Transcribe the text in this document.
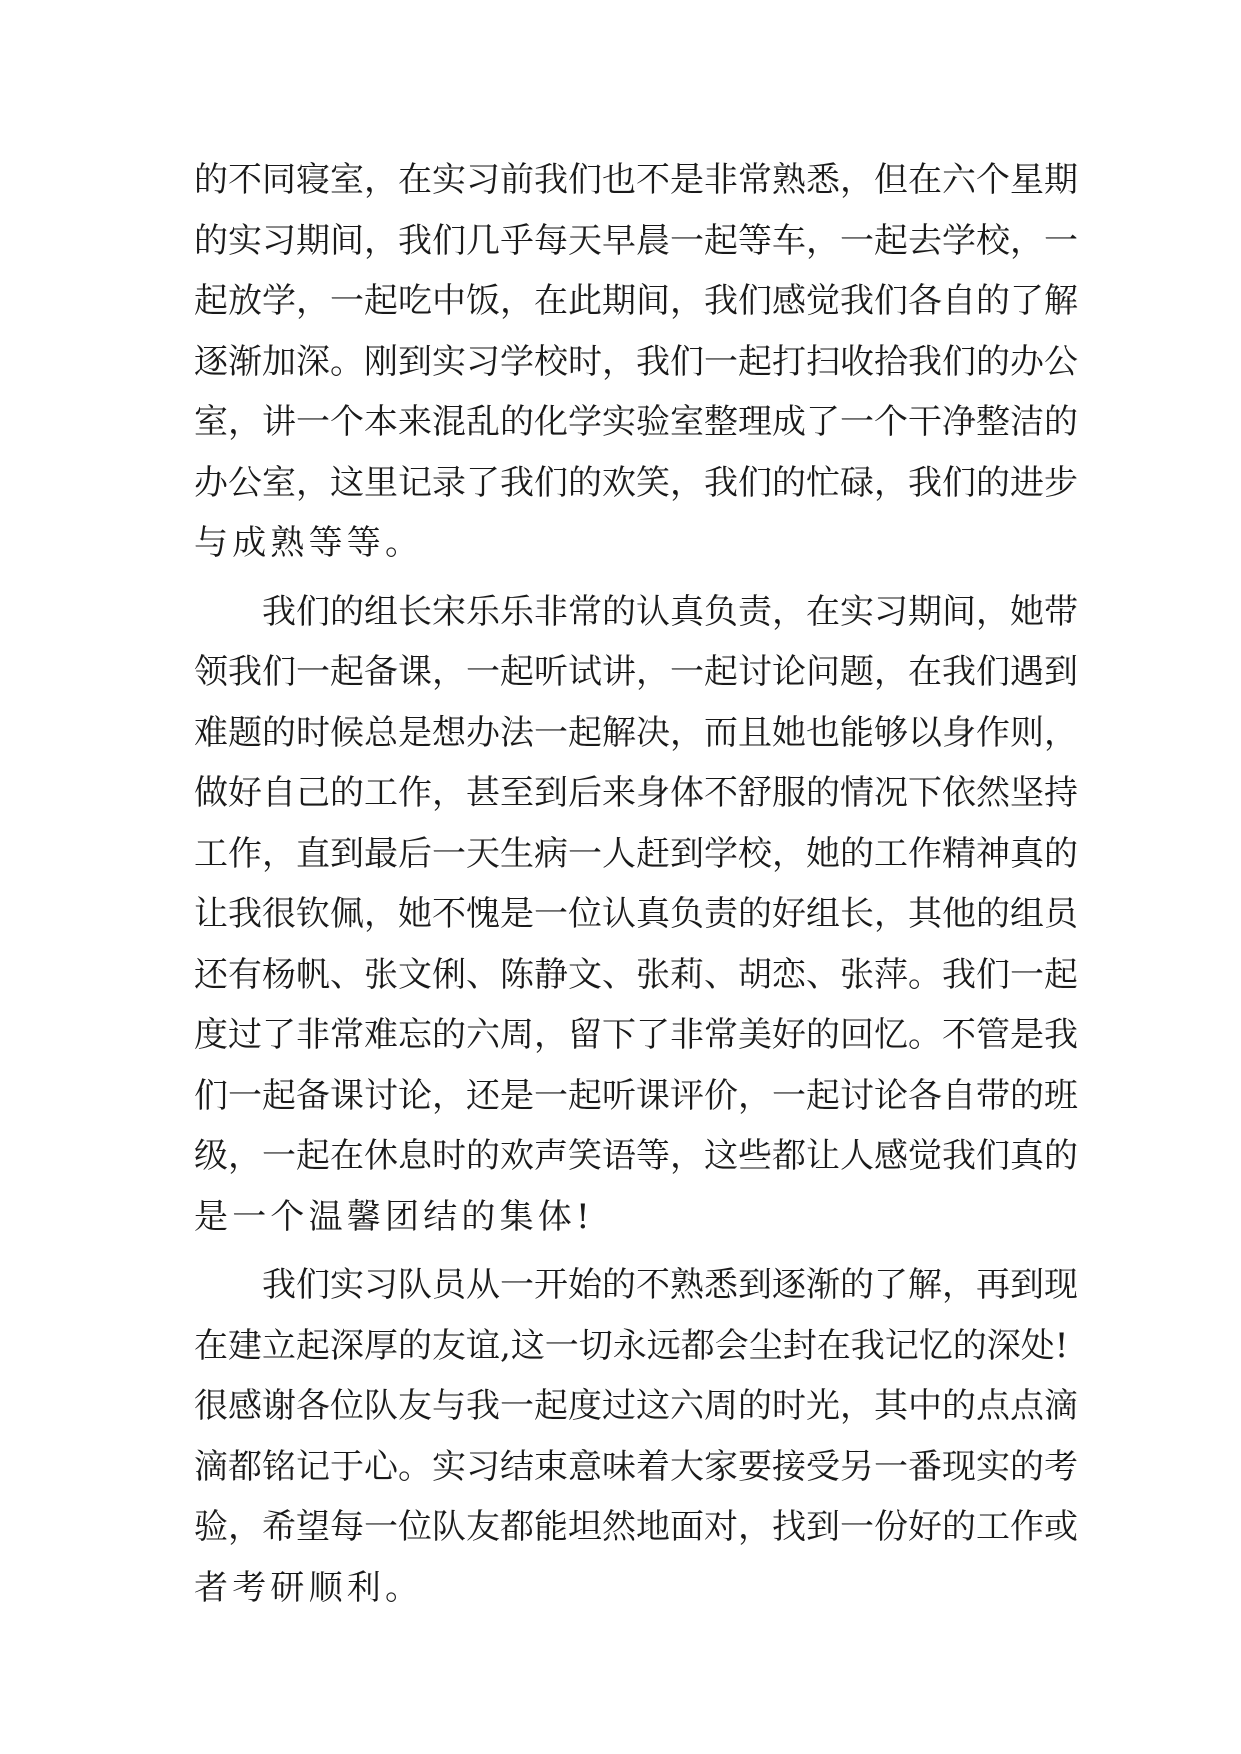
的不同寝室，在实习前我们也不是非常熟悉，但在六个星期
的实习期间，我们几乎每天早晨一起等车，一起去学校，一
起放学，一起吃中饭，在此期间，我们感觉我们各自的了解
逐渐加深。刚到实习学校时，我们一起打扫收拾我们的办公
室，讲一个本来混乱的化学实验室整理成了一个干净整洁的
办公室，这里记录了我们的欢笑，我们的忙碌，我们的进步
与成熟等等。
我们的组长宋乐乐非常的认真负责，在实习期间，她带
领我们一起备课，一起听试讲，一起讨论问题，在我们遇到
难题的时候总是想办法一起解决，而且她也能够以身作则，
做好自己的工作，甚至到后来身体不舒服的情况下依然坚持
工作，直到最后一天生病一人赶到学校，她的工作精神真的
让我很钦佩，她不愧是一位认真负责的好组长，其他的组员
还有杨帆、张文俐、陈静文、张莉、胡恋、张萍。我们一起
度过了非常难忘的六周，留下了非常美好的回忆。不管是我
们一起备课讨论，还是一起听课评价，一起讨论各自带的班
级，一起在休息时的欢声笑语等，这些都让人感觉我们真的
是一个温馨团结的集体!
我们实习队员从一开始的不熟悉到逐渐的了解，再到现
在建立起深厚的友谊,这一切永远都会尘封在我记忆的深处!
很感谢各位队友与我一起度过这六周的时光，其中的点点滴
滴都铭记于心。实习结束意味着大家要接受另一番现实的考
验，希望每一位队友都能坦然地面对，找到一份好的工作或
者考研顺利。
